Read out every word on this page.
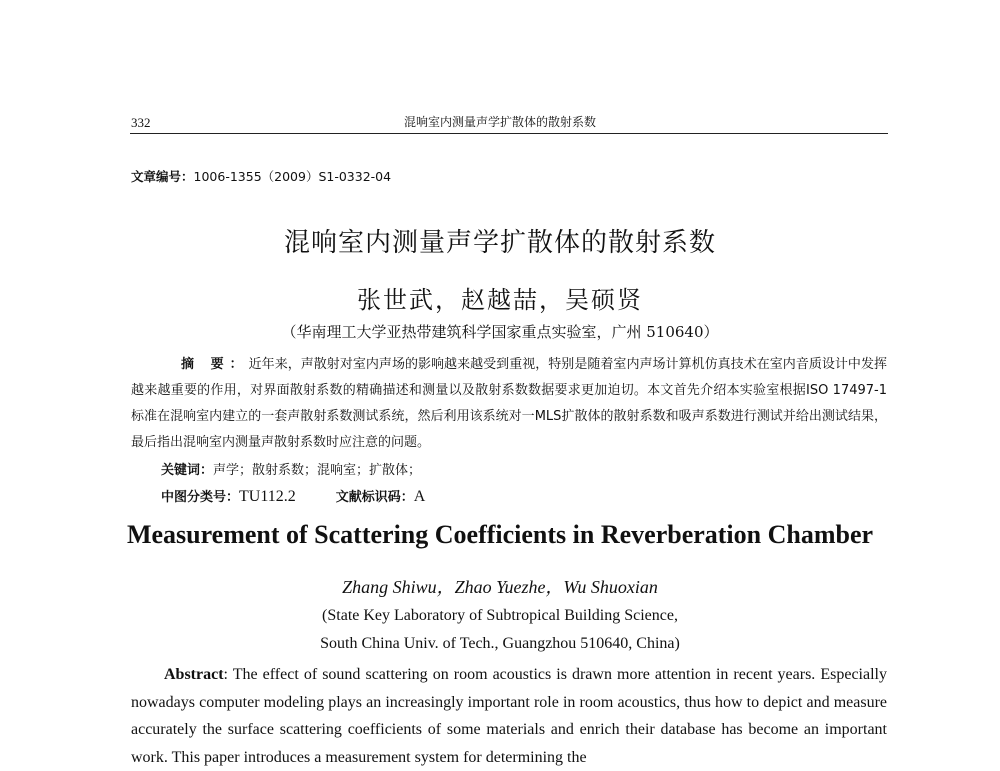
332	混响室内测量声学扩散体的散射系数
文章编号：1006-1355（2009）S1-0332-04
混响室内测量声学扩散体的散射系数
张世武，赵越喆，吴硕贤
（华南理工大学亚热带建筑科学国家重点实验室，广州 510640）
摘 要：近年来，声散射对室内声场的影响越来越受到重视，特别是随着室内声场计算机仿真技术在室内音质设计中发挥越来越重要的作用，对界面散射系数的精确描述和测量以及散射系数数据要求更加迫切。本文首先介绍本实验室根据ISO 17497-1标准在混响室内建立的一套声散射系数测试系统，然后利用该系统对一MLS扩散体的散射系数和吸声系数进行测试并给出测试结果，最后指出混响室内测量声散射系数时应注意的问题。
关键词：声学；散射系数；混响室；扩散体；
中图分类号：TU112.2	文献标识码：A
Measurement of Scattering Coefficients in Reverberation Chamber
Zhang Shiwu，Zhao Yuezhe，Wu Shuoxian
(State Key Laboratory of Subtropical Building Science,
South China Univ. of Tech., Guangzhou 510640, China)
Abstract: The effect of sound scattering on room acoustics is drawn more attention in recent years. Especially nowadays computer modeling plays an increasingly important role in room acoustics, thus how to depict and measure accurately the surface scattering coefficients of some materials and enrich their database has become an important work. This paper introduces a measurement system for determining the
